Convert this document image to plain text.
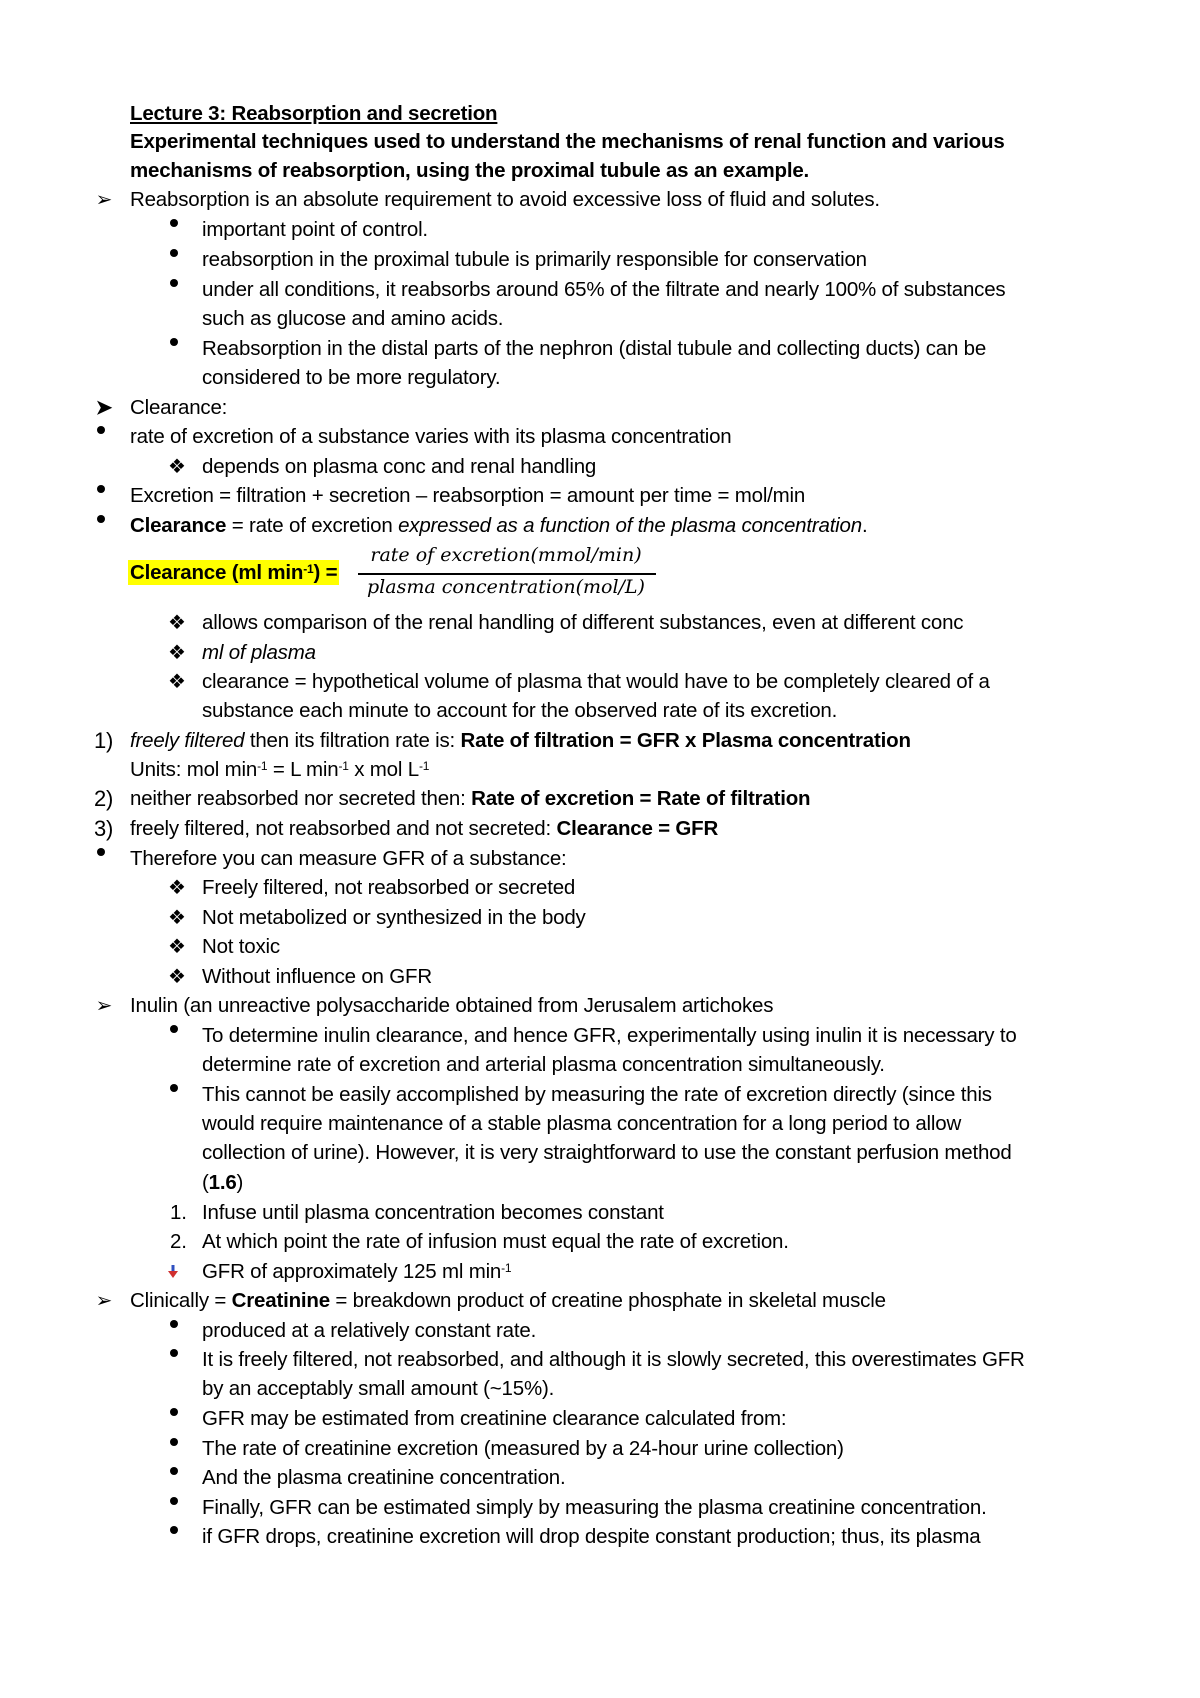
Lecture 3: Reabsorption and secretion
Experimental techniques used to understand the mechanisms of renal function and various
mechanisms of reabsorption, using the proximal tubule as an example.
➢ Reabsorption is an absolute requirement to avoid excessive loss of fluid and solutes.
important point of control.
reabsorption in the proximal tubule is primarily responsible for conservation
under all conditions, it reabsorbs around 65% of the filtrate and nearly 100% of substances
such as glucose and amino acids.
Reabsorption in the distal parts of the nephron (distal tubule and collecting ducts) can be
considered to be more regulatory.
➤ Clearance:
rate of excretion of a substance varies with its plasma concentration
❖ depends on plasma conc and renal handling
Excretion = filtration + secretion – reabsorption = amount per time = mol/min
Clearance = rate of excretion expressed as a function of the plasma concentration.
Clearance (ml $\min^{-1}$) =
rate of excretion(mmol/min)
plasma concentration(mol/L)
❖ allows comparison of the renal handling of different substances, even at different conc
❖ ml of plasma
❖ clearance = hypothetical volume of plasma that would have to be completely cleared of a
substance each minute to account for the observed rate of its excretion.
1) freely filtered then its filtration rate is: Rate of filtration = GFR x Plasma concentration
Units: mol $\min^{-1} = L$ $\min^{-1} x$ mol $L^{-1}$
2) neither reabsorbed nor secreted then: Rate of excretion = Rate of filtration
3) freely filtered, not reabsorbed and not secreted: Clearance = GFR
Therefore you can measure GFR of a substance:
❖ Freely filtered, not reabsorbed or secreted
❖ Not metabolized or synthesized in the body
❖ Not toxic
❖ Without influence on GFR
➢ Inulin (an unreactive polysaccharide obtained from Jerusalem artichokes
To determine inulin clearance, and hence GFR, experimentally using inulin it is necessary to
determine rate of excretion and arterial plasma concentration simultaneously.
This cannot be easily accomplished by measuring the rate of excretion directly (since this
would require maintenance of a stable plasma concentration for a long period to allow
collection of urine). However, it is very straightforward to use the constant perfusion method
(1.6)
1. Infuse until plasma concentration becomes constant
2. At which point the rate of infusion must equal the rate of excretion.
GFR of approximately 125 ml $\min^{-1}$
➢ Clinically = Creatinine = breakdown product of creatine phosphate in skeletal muscle
produced at a relatively constant rate.
It is freely filtered, not reabsorbed, and although it is slowly secreted, this overestimates GFR
by an acceptably small amount (~15%).
GFR may be estimated from creatinine clearance calculated from:
The rate of creatinine excretion (measured by a 24-hour urine collection)
And the plasma creatinine concentration.
Finally, GFR can be estimated simply by measuring the plasma creatinine concentration.
if GFR drops, creatinine excretion will drop despite constant production; thus, its plasma
